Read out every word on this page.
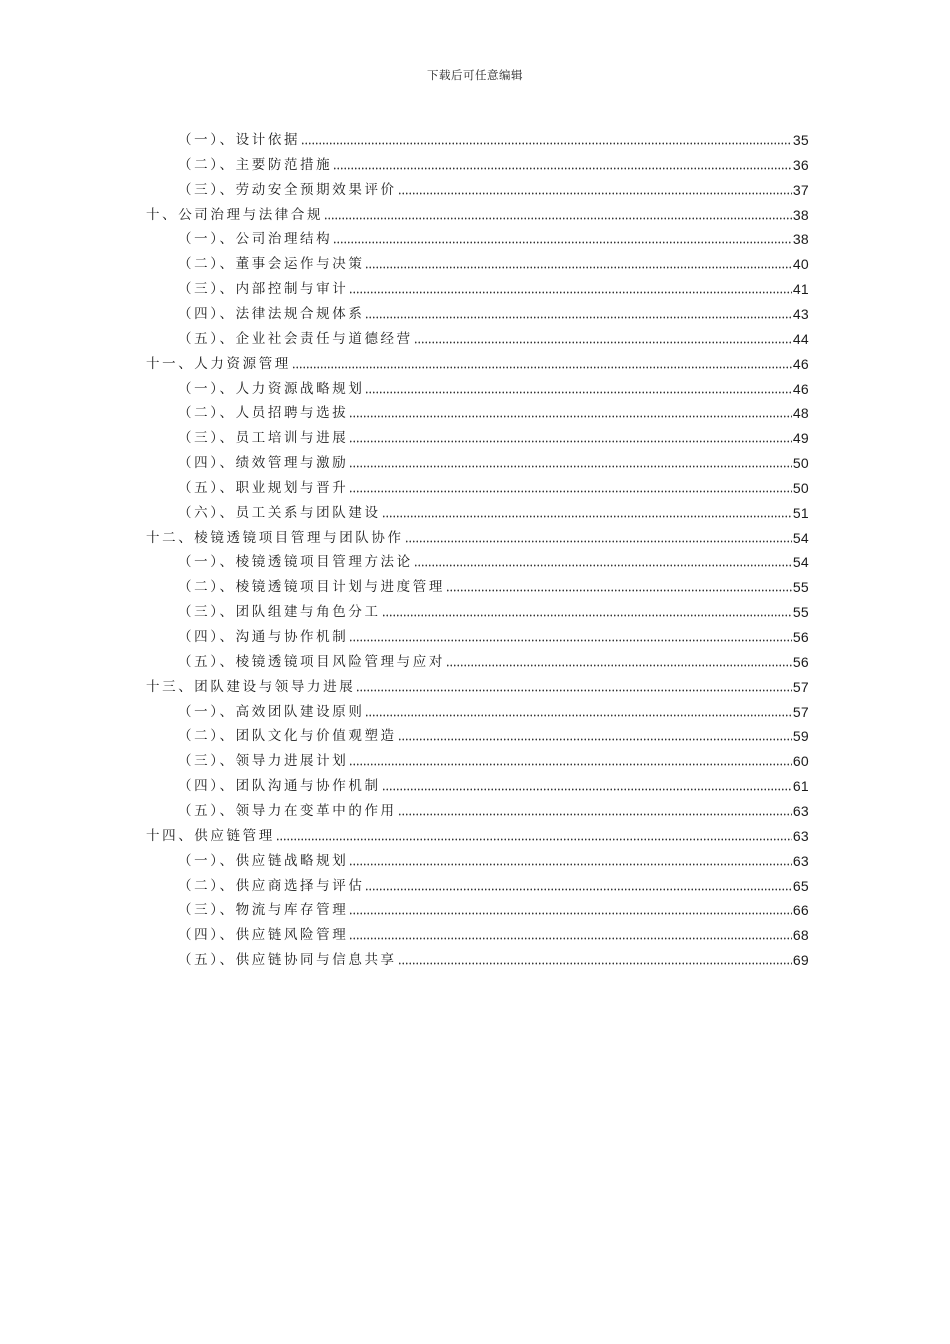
下载后可任意编辑
（一）、设计依据	35
（二）、主要防范措施	36
（三）、劳动安全预期效果评价	37
十、公司治理与法律合规	38
（一）、公司治理结构	38
（二）、董事会运作与决策	40
（三）、内部控制与审计	41
（四）、法律法规合规体系	43
（五）、企业社会责任与道德经营	44
十一、人力资源管理	46
（一）、人力资源战略规划	46
（二）、人员招聘与选拔	48
（三）、员工培训与进展	49
（四）、绩效管理与激励	50
（五）、职业规划与晋升	50
（六）、员工关系与团队建设	51
十二、棱镜透镜项目管理与团队协作	54
（一）、棱镜透镜项目管理方法论	54
（二）、棱镜透镜项目计划与进度管理	55
（三）、团队组建与角色分工	55
（四）、沟通与协作机制	56
（五）、棱镜透镜项目风险管理与应对	56
十三、团队建设与领导力进展	57
（一）、高效团队建设原则	57
（二）、团队文化与价值观塑造	59
（三）、领导力进展计划	60
（四）、团队沟通与协作机制	61
（五）、领导力在变革中的作用	63
十四、供应链管理	63
（一）、供应链战略规划	63
（二）、供应商选择与评估	65
（三）、物流与库存管理	66
（四）、供应链风险管理	68
（五）、供应链协同与信息共享	69
